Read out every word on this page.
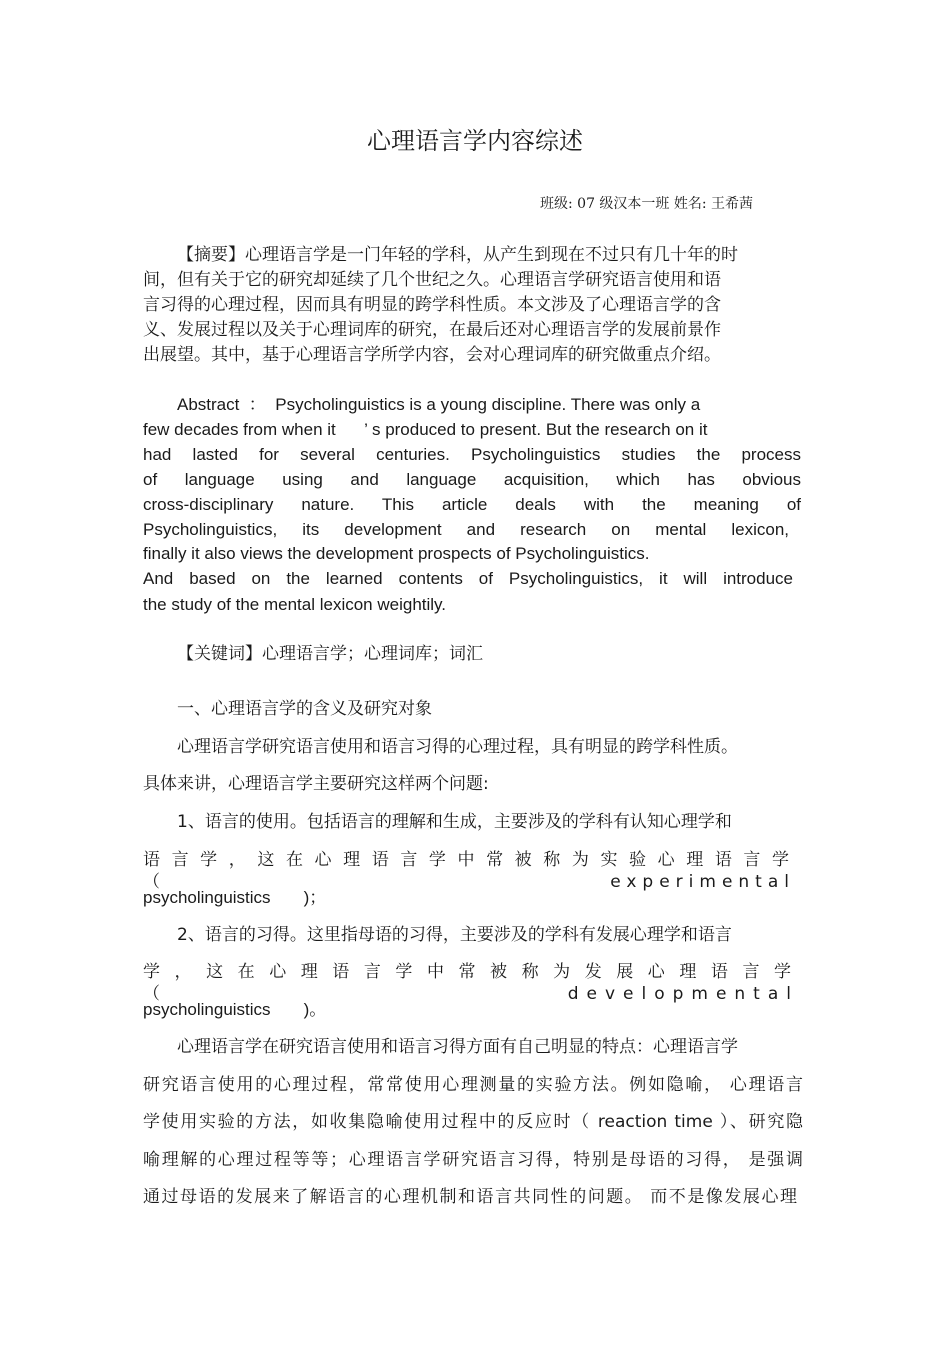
心理语言学内容综述
班级: 07 级汉本一班 姓名: 王希茜
【摘要】心理语言学是一门年轻的学科，从产生到现在不过只有几十年的时
间，但有关于它的研究却延续了几个世纪之久。心理语言学研究语言使用和语
言习得的心理过程，因而具有明显的跨学科性质。本文涉及了心理语言学的含
义、发展过程以及关于心理词库的研究，在最后还对心理语言学的发展前景作
出展望。其中，基于心理语言学所学内容，会对心理词库的研究做重点介绍。
Abstract  ：  Psycholinguistics is a young discipline. There was only a
few decades from when it      ’ s produced to present. But the research on it
had lasted for several centuries. Psycholinguistics studies the process
of language using and language acquisition, which has obvious
cross-disciplinary nature. This article deals with the meaning of
Psycholinguistics, its development and research on mental lexicon,
finally it also views the development prospects of Psycholinguistics.
And based on the learned contents of Psycholinguistics, it will introduce
the study of the mental lexicon weightily.
【关键词】心理语言学；心理词库；词汇
一、心理语言学的含义及研究对象
心理语言学研究语言使用和语言习得的心理过程，具有明显的跨学科性质。
具体来讲，心理语言学主要研究这样两个问题:
1、语言的使用。包括语言的理解和生成，主要涉及的学科有认知心理学和
语言学，这在心理语言学中常被称为实验心理语言学（experimental
psycholinguistics       )；
2、语言的习得。这里指母语的习得，主要涉及的学科有发展心理学和语言
学，这在心理语言学中常被称为发展心理语言学（developmental
psycholinguistics       )。
心理语言学在研究语言使用和语言习得方面有自己明显的特点：心理语言学
研究语言使用的心理过程，常常使用心理测量的实验方法。例如隐喻， 心理语言
学使用实验的方法，如收集隐喻使用过程中的反应时（ reaction time ）、研究隐
喻理解的心理过程等等；心理语言学研究语言习得，特别是母语的习得， 是强调
通过母语的发展来了解语言的心理机制和语言共同性的问题。 而不是像发展心理
